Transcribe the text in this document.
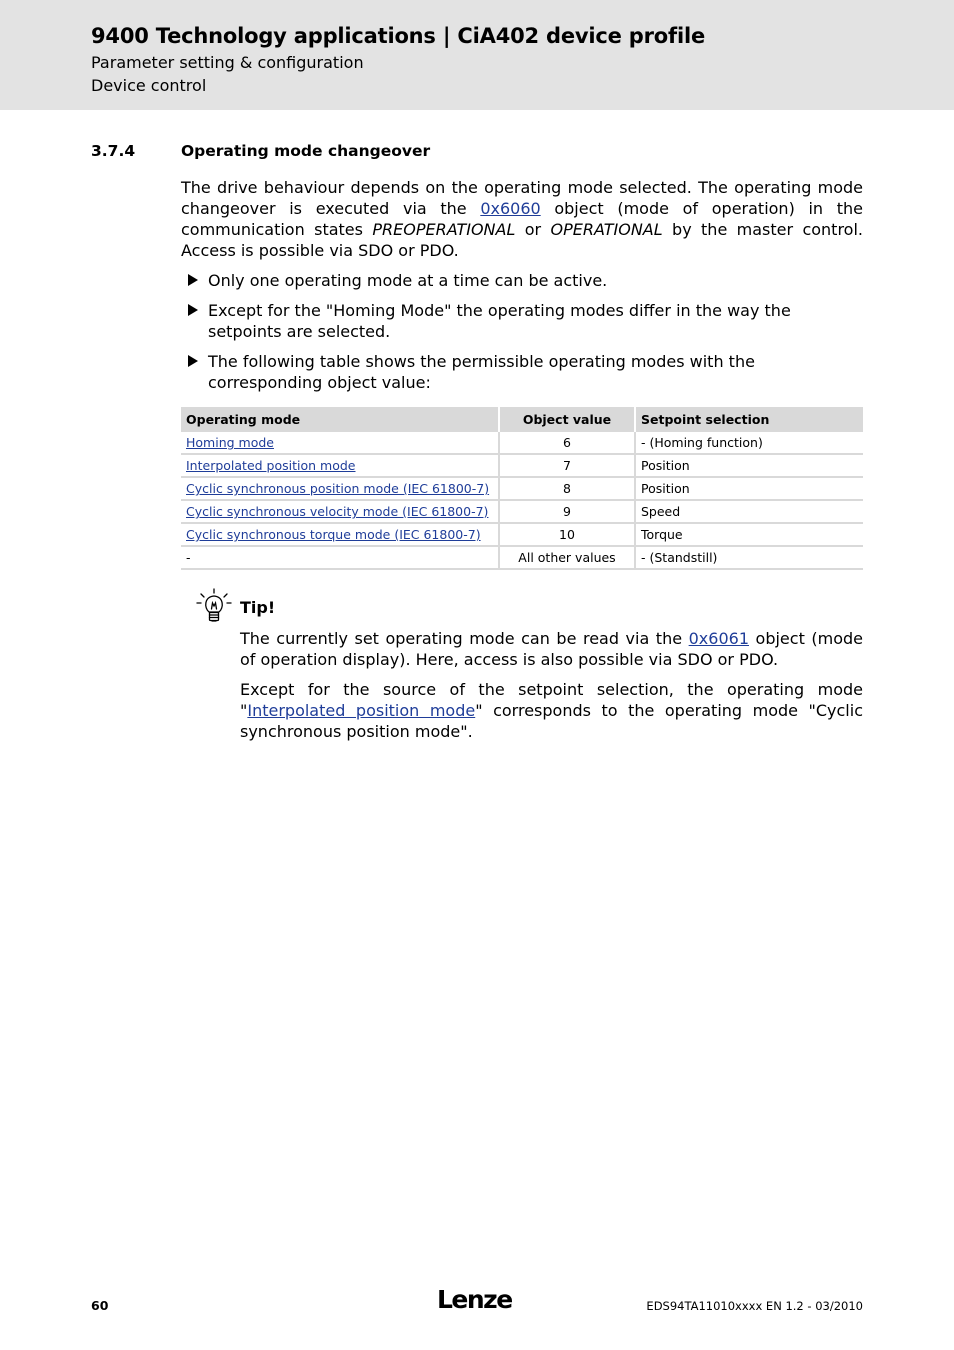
9400 Technology applications | CiA402 device profile
Parameter setting & configuration
Device control
3.7.4	Operating mode changeover

The drive behaviour depends on the operating mode selected. The operating mode changeover is executed via the 0x6060 object (mode of operation) in the communication states PREOPERATIONAL or OPERATIONAL by the master control. Access is possible via SDO or PDO.

Only one operating mode at a time can be active.
Except for the "Homing Mode" the operating modes differ in the way the setpoints are selected.
The following table shows the permissible operating modes with the corresponding object value:
Operating mode	Object value	Setpoint selection
Homing mode	6	- (Homing function)
Interpolated position mode	7	Position
Cyclic synchronous position mode (IEC 61800-7)	8	Position
Cyclic synchronous velocity mode (IEC 61800-7)	9	Speed
Cyclic synchronous torque mode (IEC 61800-7)	10	Torque
-	All other values	- (Standstill)
Tip!

The currently set operating mode can be read via the 0x6061 object (mode of operation display). Here, access is also possible via SDO or PDO.

Except for the source of the setpoint selection, the operating mode "Interpolated position mode" corresponds to the operating mode "Cyclic synchronous position mode".

60	Lenze	EDS94TA11010xxxx EN 1.2 - 03/2010
